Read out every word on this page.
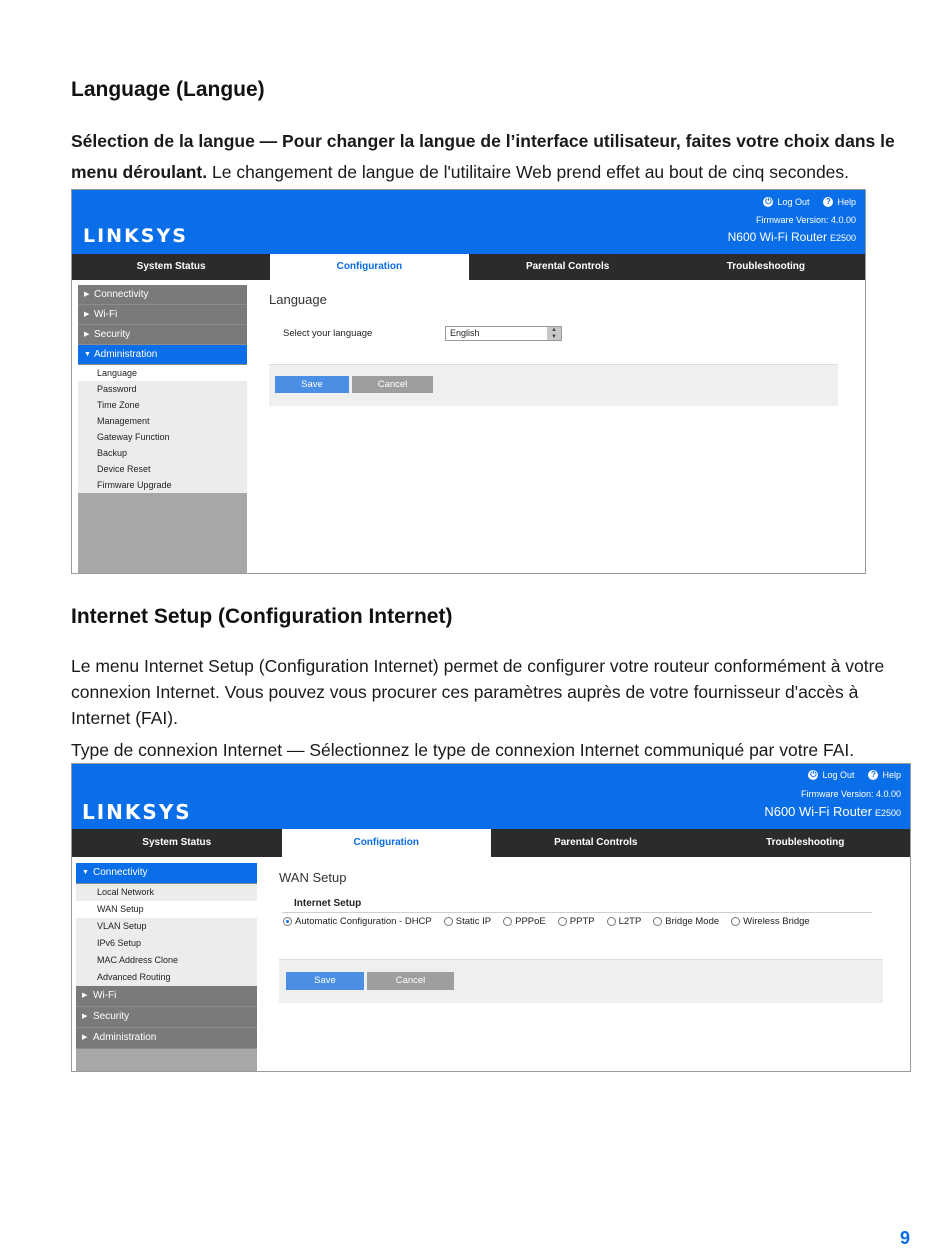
Language (Langue)

Sélection de la langue — Pour changer la langue de l’interface utilisateur, faites votre choix dans le menu déroulant. Le changement de langue de l'utilitaire Web prend effet au bout de cinq secondes.

⏻ Log Out	? Help
Firmware Version: 4.0.00
N600 Wi-Fi Router E2500
LINKSYS
System Status	Configuration	Parental Controls	Troubleshooting
▶ Connectivity
▶ Wi-Fi
▶ Security
▼ Administration
Language
Password
Time Zone
Management
Gateway Function
Backup
Device Reset
Firmware Upgrade
Language
Select your language	English	▲
▼
Save	Cancel
Internet Setup (Configuration Internet)

Le menu Internet Setup (Configuration Internet) permet de configurer votre routeur conformément à votre connexion Internet. Vous pouvez vous procurer ces paramètres auprès de votre fournisseur d'accès à Internet (FAI).

Type de connexion Internet — Sélectionnez le type de connexion Internet communiqué par votre FAI.

⏻ Log Out	? Help
Firmware Version: 4.0.00
N600 Wi-Fi Router E2500
LINKSYS
System Status	Configuration	Parental Controls	Troubleshooting
▼ Connectivity
Local Network
WAN Setup
VLAN Setup
IPv6 Setup
MAC Address Clone
Advanced Routing
▶ Wi-Fi
▶ Security
▶ Administration
WAN Setup
Internet Setup
Automatic Configuration - DHCP	Static IP	PPPoE	PPTP	L2TP	Bridge Mode	Wireless Bridge
Save	Cancel
9
